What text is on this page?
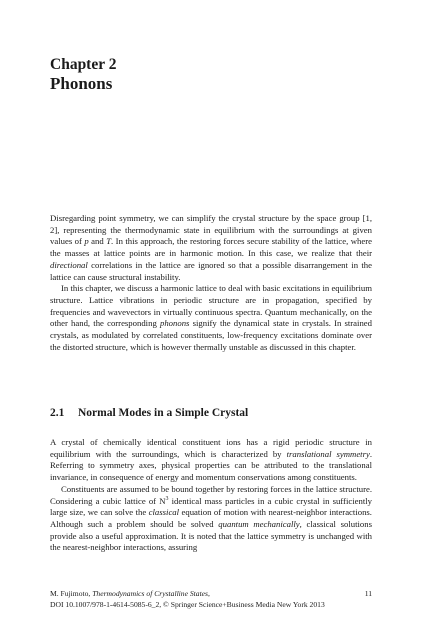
Chapter 2
Phonons

Disregarding point symmetry, we can simplify the crystal structure by the space group [1, 2], representing the thermodynamic state in equilibrium with the surroundings at given values of p and T. In this approach, the restoring forces secure stability of the lattice, where the masses at lattice points are in harmonic motion. In this case, we realize that their directional correlations in the lattice are ignored so that a possible disarrangement in the lattice can cause structural instability.

In this chapter, we discuss a harmonic lattice to deal with basic excitations in equilibrium structure. Lattice vibrations in periodic structure are in propagation, specified by frequencies and wavevectors in virtually continuous spectra. Quantum mechanically, on the other hand, the corresponding phonons signify the dynamical state in crystals. In strained crystals, as modulated by correlated constituents, low-frequency excitations dominate over the distorted structure, which is however thermally unstable as discussed in this chapter.

2.1 Normal Modes in a Simple Crystal

A crystal of chemically identical constituent ions has a rigid periodic structure in equilibrium with the surroundings, which is characterized by translational symmetry. Referring to symmetry axes, physical properties can be attributed to the translational invariance, in consequence of energy and momentum conservations among constituents.

Constituents are assumed to be bound together by restoring forces in the lattice structure. Considering a cubic lattice of $N^3$ identical mass particles in a cubic crystal in sufficiently large size, we can solve the classical equation of motion with nearest-neighbor interactions. Although such a problem should be solved quantum mechanically, classical solutions provide also a useful approximation. It is noted that the lattice symmetry is unchanged with the nearest-neighbor interactions, assuring

M. Fujimoto, Thermodynamics of Crystalline States,
DOI 10.1007/978-1-4614-5085-6_2, © Springer Science+Business Media New York 2013
11
